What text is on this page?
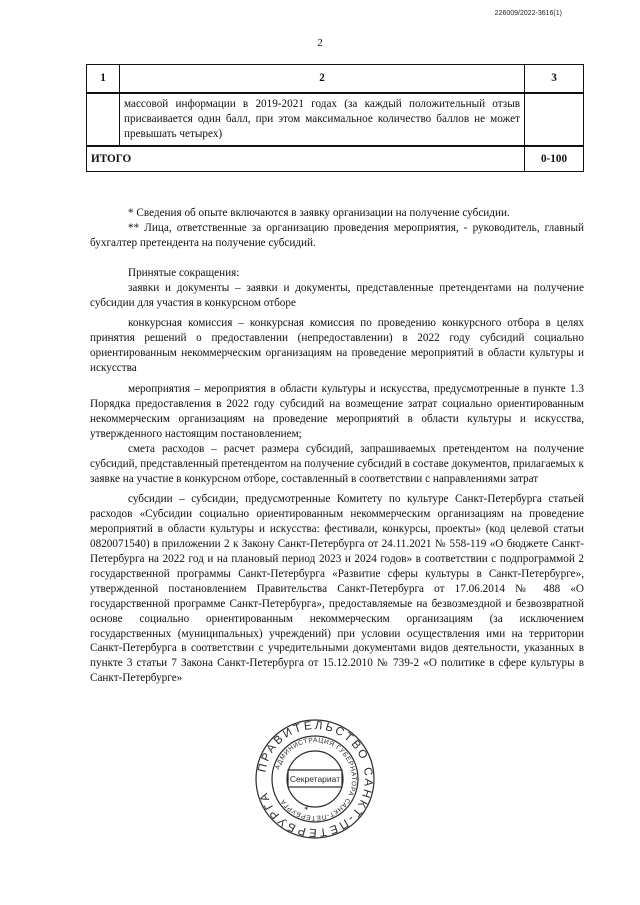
226009/2022-3616(1)
2
1	2	3
	массовой информации в 2019-2021 годах (за каждый положительный отзыв присваивается один балл, при этом максимальное количество баллов не может превышать четырех)	
ИТОГО		0-100

* Сведения об опыте включаются в заявку организации на получение субсидии.

** Лица, ответственные за организацию проведения мероприятия, - руководитель, главный бухгалтер претендента на получение субсидий.

Принятые сокращения:

заявки и документы – заявки и документы, представленные претендентами на получение субсидии для участия в конкурсном отборе

конкурсная комиссия – конкурсная комиссия по проведению конкурсного отбора в целях принятия решений о предоставлении (непредоставлении) в 2022 году субсидий социально ориентированным некоммерческим организациям на проведение мероприятий в области культуры и искусства

мероприятия – мероприятия в области культуры и искусства, предусмотренные в пункте 1.3 Порядка предоставления в 2022 году субсидий на возмещение затрат социально ориентированным некоммерческим организациям на проведение мероприятий в области культуры и искусства, утвержденного настоящим постановлением;

смета расходов – расчет размера субсидий, запрашиваемых претендентом на получение субсидий, представленный претендентом на получение субсидий в составе документов, прилагаемых к заявке на участие в конкурсном отборе, составленный в соответствии с направлениями затрат

субсидии – субсидии, предусмотренные Комитету по культуре Санкт-Петербурга статьей расходов «Субсидии социально ориентированным некоммерческим организациям на проведение мероприятий в области культуры и искусства: фестивали, конкурсы, проекты» (код целевой статьи 0820071540) в приложении 2 к Закону Санкт-Петербурга от 24.11.2021 № 558-119 «О бюджете Санкт-Петербурга на 2022 год и на плановый период 2023 и 2024 годов» в соответствии с подпрограммой 2 государственной программы Санкт-Петербурга «Развитие сферы культуры в Санкт-Петербурге», утвержденной постановлением Правительства Санкт-Петербурга от 17.06.2014 № 488 «О государственной программе Санкт-Петербурга», предоставляемые на безвозмездной и безвозвратной основе социально ориентированным некоммерческим организациям (за исключением государственных (муниципальных) учреждений) при условии осуществления ими на территории Санкт-Петербурга в соответствии с учредительными документами видов деятельности, указанных в пункте 3 статьи 7 Закона Санкт-Петербурга от 15.12.2010 № 739-2 «О политике в сфере культуры в Санкт-Петербурге»

ПРАВИТЕЛЬСТВО САНКТ-ПЕТЕРБУРГА
АДМИНИСТРАЦИЯ ГУБЕРНАТОРА САНКТ-ПЕТЕРБУРГА
Секретариат
*
